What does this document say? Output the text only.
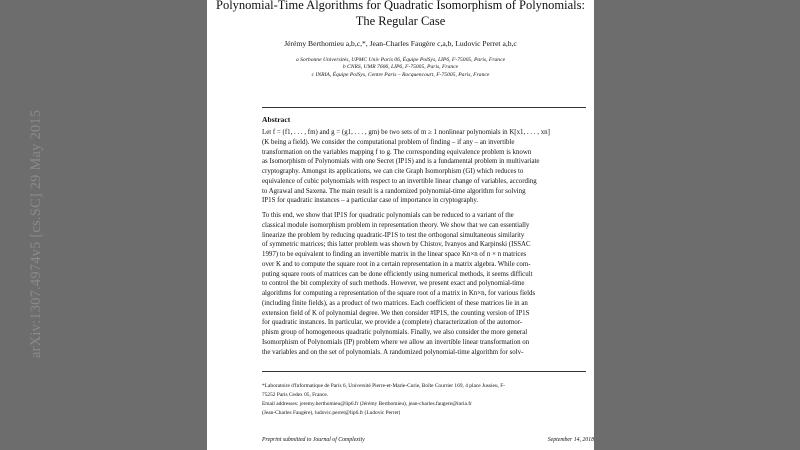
arXiv:1307.4974v5 [cs.SC] 29 May 2015
Polynomial-Time Algorithms for Quadratic Isomorphism of Polynomials:
The Regular Case
Jérémy Berthomieu a,b,c,*, Jean-Charles Faugère c,a,b, Ludovic Perret a,b,c
a Sorbonne Universités, UPMC Univ Paris 06, Équipe PolSys, LIP6, F-75005, Paris, France
b CNRS, UMR 7606, LIP6, F-75005, Paris, France
c INRIA, Équipe PolSys, Centre Paris – Rocquencourt, F-75005, Paris, France
Abstract
Let f = (f1, . . . , fm) and g = (g1, . . . , gm) be two sets of m ≥ 1 nonlinear polynomials in K[x1, . . . , xn]
(K being a field). We consider the computational problem of finding – if any – an invertible
transformation on the variables mapping f to g. The corresponding equivalence problem is known
as Isomorphism of Polynomials with one Secret (IP1S) and is a fundamental problem in multivariate
cryptography. Amongst its applications, we can cite Graph Isomorphism (GI) which reduces to
equivalence of cubic polynomials with respect to an invertible linear change of variables, according
to Agrawal and Saxena. The main result is a randomized polynomial-time algorithm for solving
IP1S for quadratic instances – a particular case of importance in cryptography.
To this end, we show that IP1S for quadratic polynomials can be reduced to a variant of the
classical module isomorphism problem in representation theory. We show that we can essentially
linearize the problem by reducing quadratic-IP1S to test the orthogonal simultaneous similarity
of symmetric matrices; this latter problem was shown by Chistov, Ivanyos and Karpinski (ISSAC
1997) to be equivalent to finding an invertible matrix in the linear space Kn×n of n × n matrices
over K and to compute the square root in a certain representation in a matrix algebra. While com-
puting square roots of matrices can be done efficiently using numerical methods, it seems difficult
to control the bit complexity of such methods. However, we present exact and polynomial-time
algorithms for computing a representation of the square root of a matrix in Kn×n, for various fields
(including finite fields), as a product of two matrices. Each coefficient of these matrices lie in an
extension field of K of polynomial degree. We then consider #IP1S, the counting version of IP1S
for quadratic instances. In particular, we provide a (complete) characterization of the automor-
phism group of homogeneous quadratic polynomials. Finally, we also consider the more general
Isomorphism of Polynomials (IP) problem where we allow an invertible linear transformation on
the variables and on the set of polynomials. A randomized polynomial-time algorithm for solv-
*Laboratoire d'Informatique de Paris 6, Université Pierre-et-Marie-Curie, Boîte Courrier 169, 4 place Jussieu, F-
75252 Paris Cedex 05, France.
Email addresses: jeremy.berthomieu@lip6.fr (Jérémy Berthomieu), jean-charles.faugere@inria.fr
(Jean-Charles Faugère), ludovic.perret@lip6.fr (Ludovic Perret)
Preprint submitted to Journal of Complexity	September 14, 2018
